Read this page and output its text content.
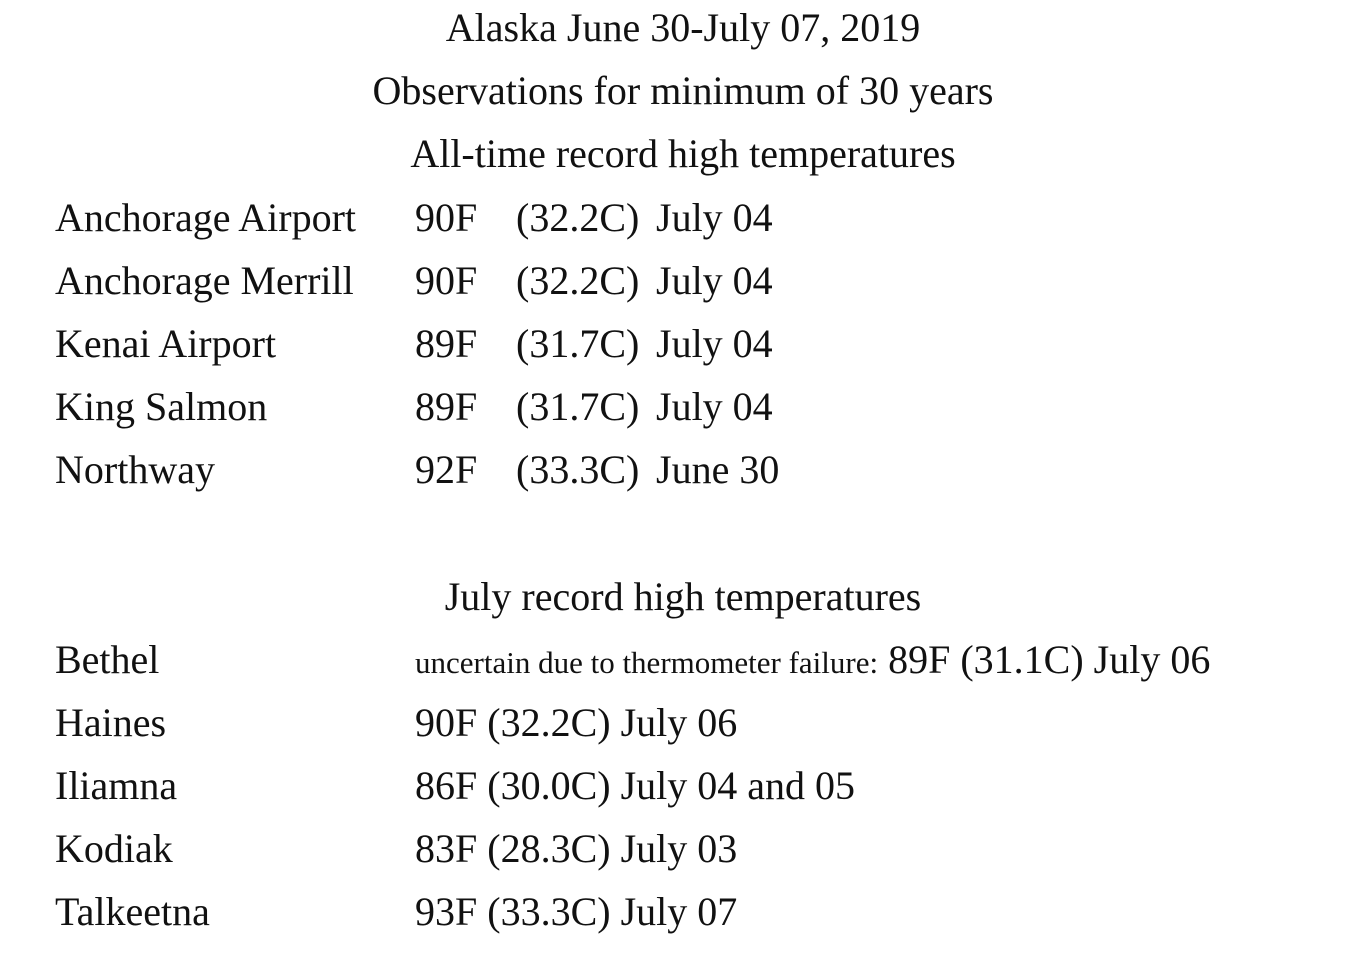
Alaska June 30-July 07, 2019
Observations for minimum of 30 years
All-time record high temperatures
Anchorage Airport 90F (32.2C) July 04
Anchorage Merrill 90F (32.2C) July 04
Kenai Airport	89F (31.7C) July 04
King Salmon	89F (31.7C) July 04
Northway	92F (33.3C) June 30
July record high temperatures
Bethel	uncertain due to thermometer failure: 89F (31.1C) July 06
Haines	90F (32.2C) July 06
Iliamna	86F (30.0C) July 04 and 05
Kodiak	83F (28.3C) July 03
Talkeetna	93F (33.3C) July 07
